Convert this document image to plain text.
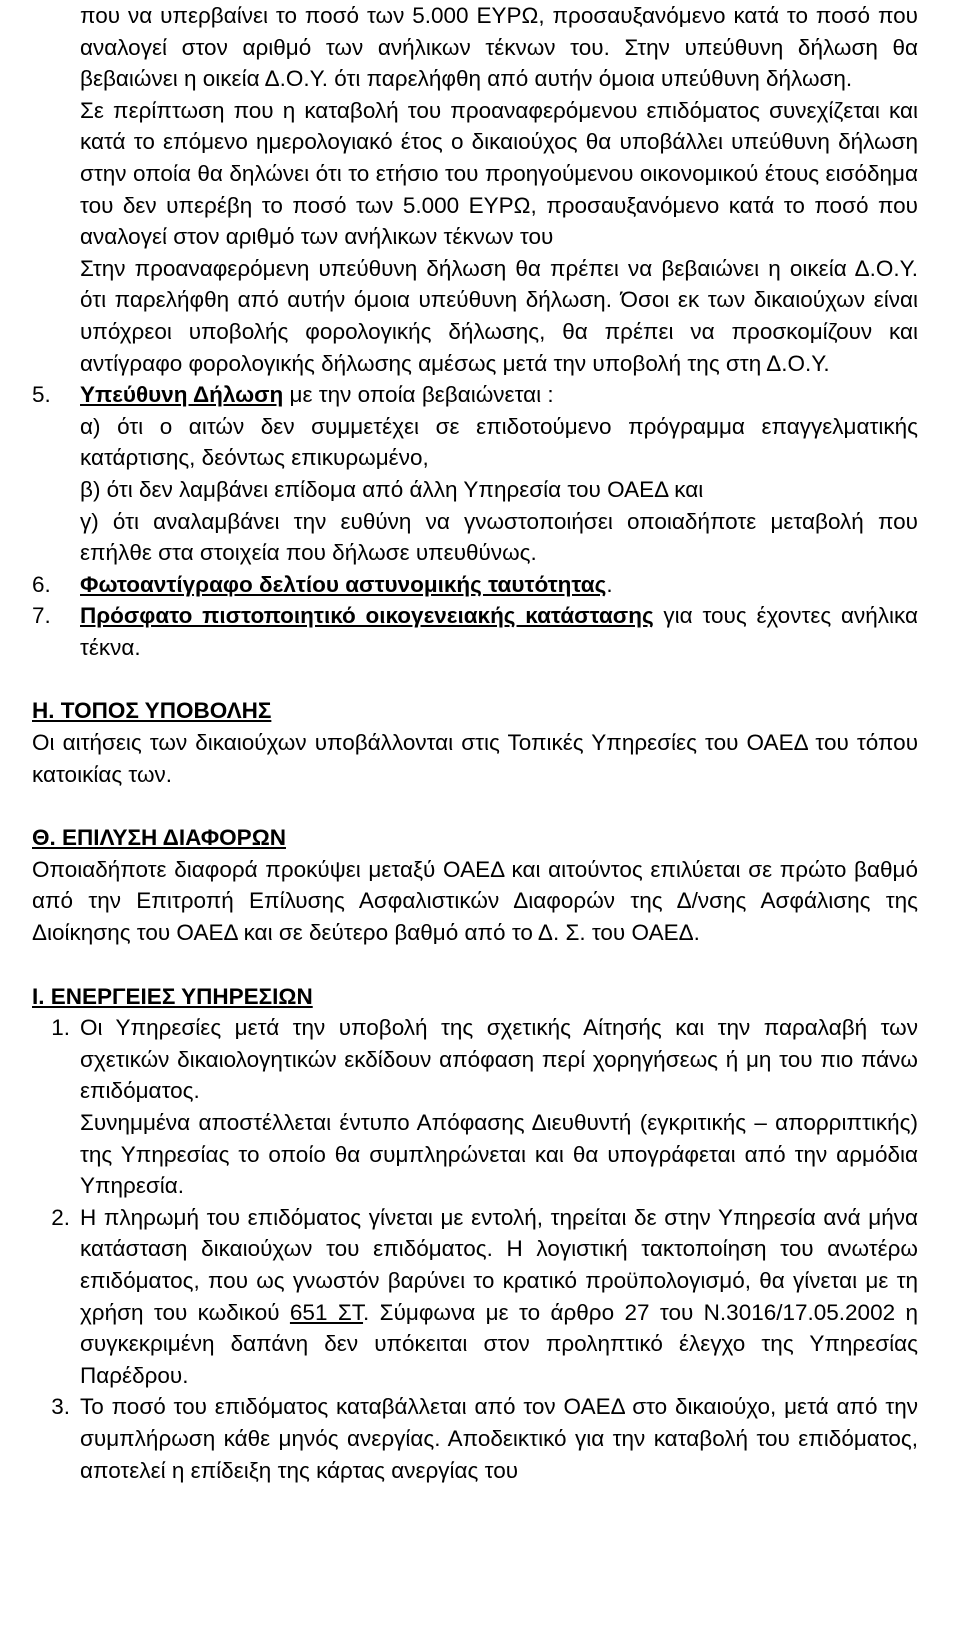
που να υπερβαίνει το ποσό των 5.000 ΕΥΡΩ, προσαυξανόμενο κατά το ποσό που αναλογεί στον αριθμό των ανήλικων τέκνων του. Στην υπεύθυνη δήλωση θα βεβαιώνει η οικεία Δ.Ο.Υ. ότι παρελήφθη από αυτήν όμοια υπεύθυνη δήλωση.

Σε περίπτωση που η καταβολή του προαναφερόμενου επιδόματος συνεχίζεται και κατά το επόμενο ημερολογιακό έτος ο δικαιούχος θα υποβάλλει υπεύθυνη δήλωση στην οποία θα δηλώνει ότι το ετήσιο του προηγούμενου οικονομικού έτους εισόδημα του δεν υπερέβη το ποσό των 5.000 ΕΥΡΩ, προσαυξανόμενο κατά το ποσό που αναλογεί στον αριθμό των ανήλικων τέκνων του

Στην προαναφερόμενη υπεύθυνη δήλωση θα πρέπει να βεβαιώνει η οικεία Δ.Ο.Υ. ότι παρελήφθη από αυτήν όμοια υπεύθυνη δήλωση. Όσοι εκ των δικαιούχων είναι υπόχρεοι υποβολής φορολογικής δήλωσης, θα πρέπει να προσκομίζουν και αντίγραφο φορολογικής δήλωσης αμέσως μετά την υποβολή της στη Δ.Ο.Υ.

5.	Υπεύθυνη Δήλωση με την οποία βεβαιώνεται :

α) ότι ο αιτών δεν συμμετέχει σε επιδοτούμενο πρόγραμμα επαγγελματικής κατάρτισης, δεόντως επικυρωμένο,

β) ότι δεν λαμβάνει επίδομα από άλλη Υπηρεσία του ΟΑΕΔ και

γ) ότι αναλαμβάνει την ευθύνη να γνωστοποιήσει οποιαδήποτε μεταβολή που επήλθε στα στοιχεία που δήλωσε υπευθύνως.

6.	Φωτοαντίγραφο δελτίου αστυνομικής ταυτότητας.

7.	Πρόσφατο πιστοποιητικό οικογενειακής κατάστασης για τους έχοντες ανήλικα τέκνα.

Η. ΤΟΠΟΣ ΥΠΟΒΟΛΗΣ

Οι αιτήσεις των δικαιούχων υποβάλλονται στις Τοπικές Υπηρεσίες του ΟΑΕΔ του τόπου κατοικίας των.

Θ. ΕΠΙΛΥΣΗ ΔΙΑΦΟΡΩΝ

Οποιαδήποτε διαφορά προκύψει μεταξύ ΟΑΕΔ και αιτούντος επιλύεται σε πρώτο βαθμό από την Επιτροπή Επίλυσης Ασφαλιστικών Διαφορών της Δ/νσης Ασφάλισης της Διοίκησης του ΟΑΕΔ και σε δεύτερο βαθμό από το Δ. Σ. του ΟΑΕΔ.

Ι. ΕΝΕΡΓΕΙΕΣ ΥΠΗΡΕΣΙΩΝ

1. Οι Υπηρεσίες μετά την υποβολή της σχετικής Αίτησής και την παραλαβή των σχετικών δικαιολογητικών εκδίδουν απόφαση περί χορηγήσεως ή μη του πιο πάνω επιδόματος.

Συνημμένα αποστέλλεται έντυπο Απόφασης Διευθυντή (εγκριτικής – απορριπτικής) της Υπηρεσίας το οποίο θα συμπληρώνεται και θα υπογράφεται από την αρμόδια Υπηρεσία.

2. Η πληρωμή του επιδόματος γίνεται με εντολή, τηρείται δε στην Υπηρεσία ανά μήνα κατάσταση δικαιούχων του επιδόματος. Η λογιστική τακτοποίηση του ανωτέρω επιδόματος, που ως γνωστόν βαρύνει το κρατικό προϋπολογισμό, θα γίνεται με τη χρήση του κωδικού 651 ΣΤ. Σύμφωνα με το άρθρο 27 του Ν.3016/17.05.2002 η συγκεκριμένη δαπάνη δεν υπόκειται στον προληπτικό έλεγχο της Υπηρεσίας Παρέδρου.

3. Το ποσό του επιδόματος καταβάλλεται από τον ΟΑΕΔ στο δικαιούχο, μετά από την συμπλήρωση κάθε μηνός ανεργίας. Αποδεικτικό για την καταβολή του επιδόματος, αποτελεί η επίδειξη της κάρτας ανεργίας του
